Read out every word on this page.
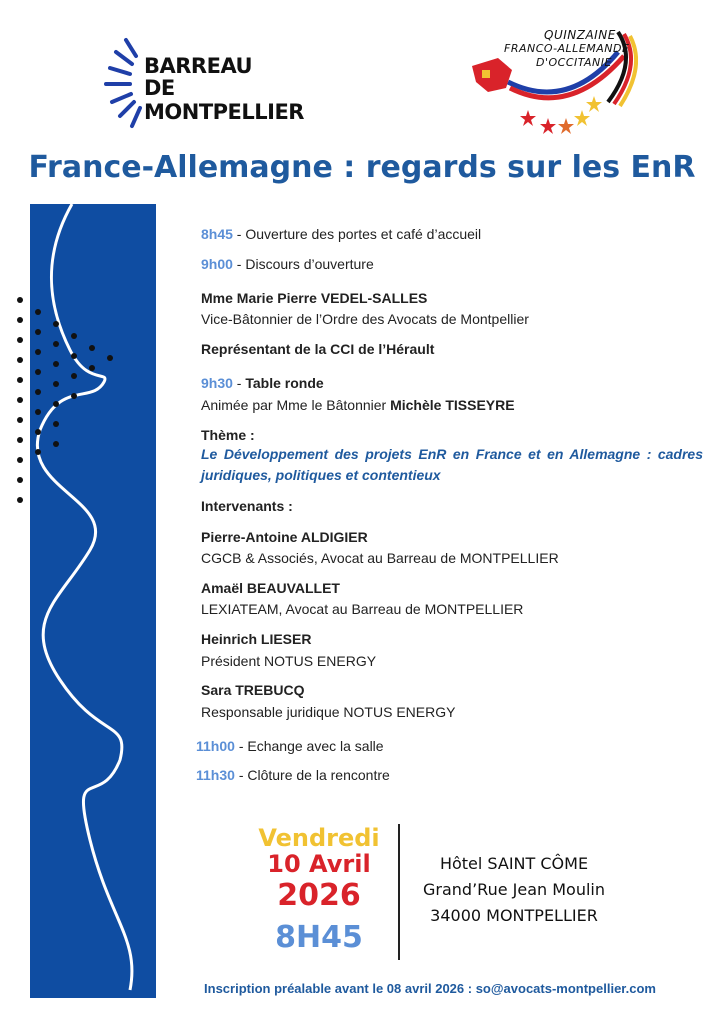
BARREAU
DE MONTPELLIER
QUINZAINE
FRANCO-ALLEMANDE
D'OCCITANIE
France-Allemagne : regards sur les EnR
8h45 - Ouverture des portes et café d’accueil
9h00 - Discours d’ouverture
Mme Marie Pierre VEDEL-SALLES
Vice-Bâtonnier de l’Ordre des Avocats de Montpellier
Représentant de la CCI de l’Hérault
9h30 - Table ronde
Animée par Mme le Bâtonnier Michèle TISSEYRE
Thème :
Le Développement des projets EnR en France et en Allemagne : cadres juridiques, politiques et contentieux
Intervenants :
Pierre-Antoine ALDIGIER
CGCB & Associés, Avocat au Barreau de MONTPELLIER
Amaël BEAUVALLET
LEXIATEAM, Avocat au Barreau de MONTPELLIER
Heinrich LIESER
Président NOTUS ENERGY
Sara TREBUCQ
Responsable juridique NOTUS ENERGY
11h00 - Echange avec la salle
11h30 - Clôture de la rencontre
Vendredi
10 Avril
2026
8H45
Hôtel SAINT CÔME
Grand’Rue Jean Moulin
34000 MONTPELLIER
Inscription préalable avant le 08 avril 2026 : so@avocats-montpellier.com
